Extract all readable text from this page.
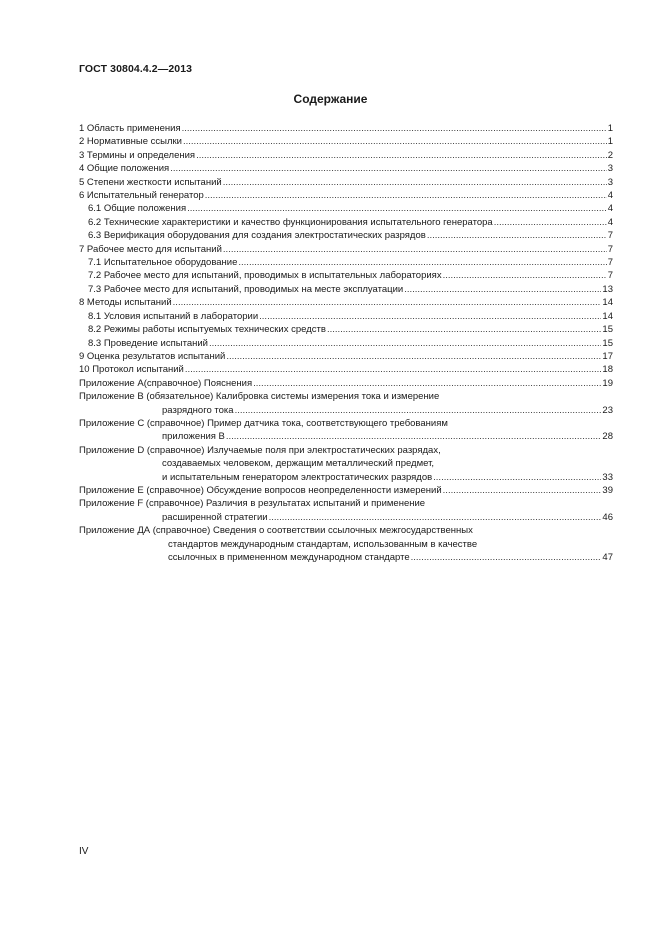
ГОСТ 30804.4.2—2013
Содержание
1 Область применения .....	1
2 Нормативные ссылки .....	1
3 Термины и определения .....	2
4 Общие положения .....	3
5 Степени жесткости испытаний .....	3
6 Испытательный генератор .....	4
6.1 Общие положения .....	4
6.2 Технические характеристики и качество функционирования испытательного генератора .....	4
6.3 Верификация оборудования для создания электростатических разрядов .....	7
7 Рабочее место для испытаний .....	7
7.1 Испытательное оборудование .....	7
7.2 Рабочее место для испытаний, проводимых в испытательных лабораториях .....	7
7.3 Рабочее место для испытаний, проводимых на месте эксплуатации .....	13
8 Методы испытаний .....	14
8.1 Условия испытаний в лаборатории .....	14
8.2 Режимы работы испытуемых технических средств .....	15
8.3 Проведение испытаний .....	15
9 Оценка результатов испытаний .....	17
10 Протокол испытаний .....	18
Приложение А(справочное) Пояснения .....	19
Приложение В (обязательное) Калибровка системы измерения тока и измерение
разрядного тока .....	23
Приложение С (справочное) Пример датчика тока, соответствующего требованиям
приложения В .....	28
Приложение D (справочное) Излучаемые поля при электростатических разрядах,
создаваемых человеком, держащим металлический предмет,
и испытательным генератором электростатических разрядов .....	33
Приложение Е (справочное) Обсуждение вопросов неопределенности измерений .....	39
Приложение F (справочное) Различия в результатах испытаний и применение
расширенной стратегии .....	46
Приложение ДА (справочное) Сведения о соответствии ссылочных межгосударственных
стандартов международным стандартам, использованным в качестве
ссылочных в примененном международном стандарте .....	47
IV
